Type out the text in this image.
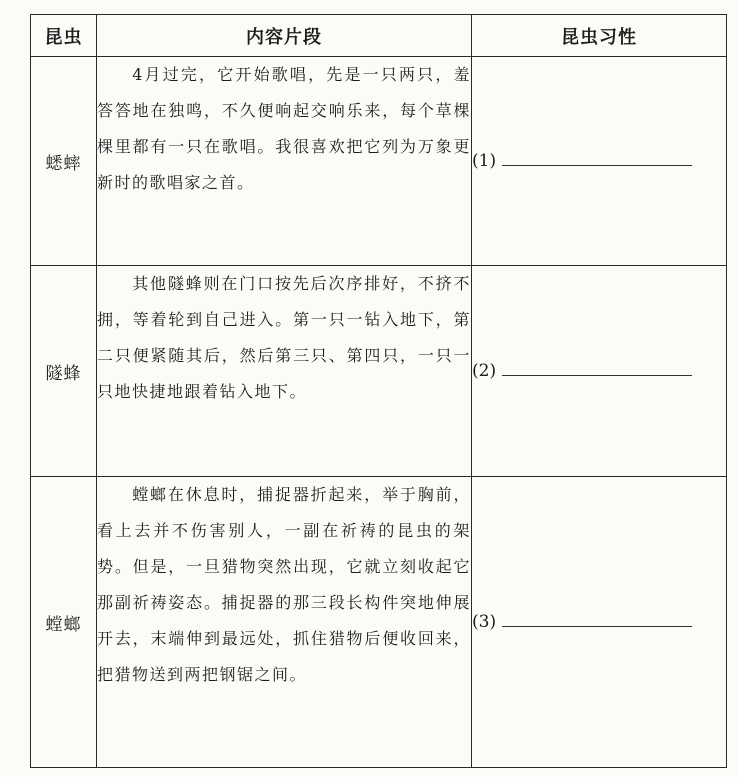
昆虫	内容片段	昆虫习性
蟋蟀	4月过完，它开始歌唱，先是一只两只，羞答答地在独鸣，不久便响起交响乐来，每个草棵棵里都有一只在歌唱。我很喜欢把它列为万象更新时的歌唱家之首。	(1)
隧蜂	其他隧蜂则在门口按先后次序排好，不挤不拥，等着轮到自己进入。第一只一钻入地下，第二只便紧随其后，然后第三只、第四只，一只一只地快捷地跟着钻入地下。	(2)
螳螂	螳螂在休息时，捕捉器折起来，举于胸前，看上去并不伤害别人，一副在祈祷的昆虫的架势。但是，一旦猎物突然出现，它就立刻收起它那副祈祷姿态。捕捉器的那三段长构件突地伸展开去，末端伸到最远处，抓住猎物后便收回来，把猎物送到两把钢锯之间。	(3)
